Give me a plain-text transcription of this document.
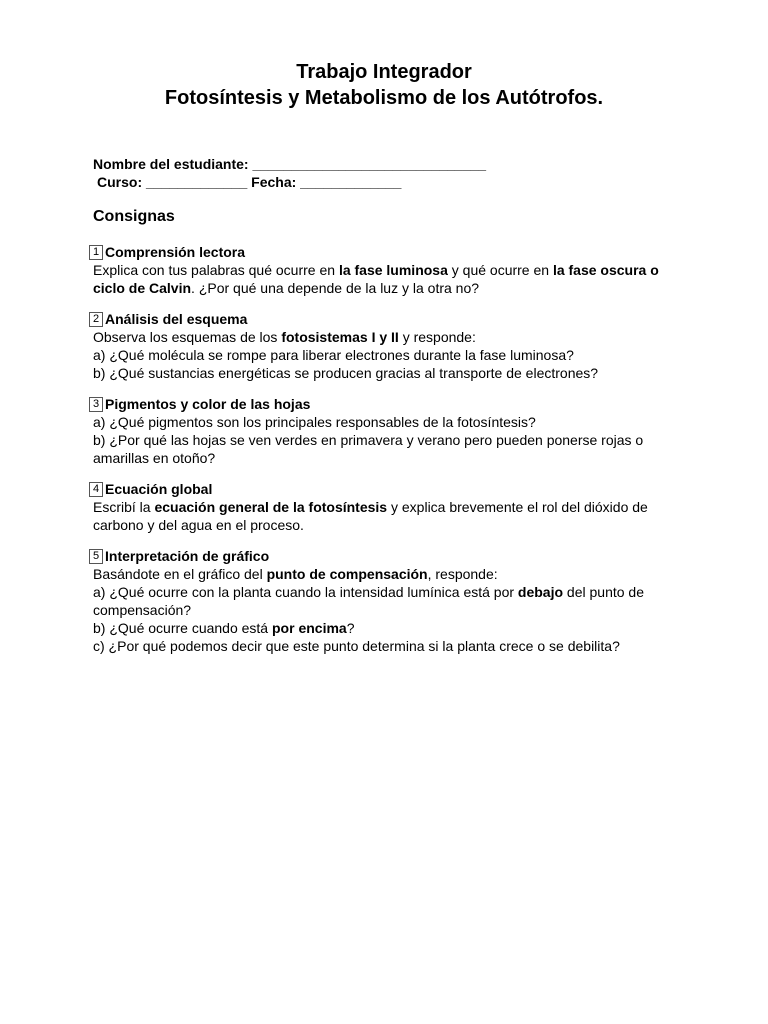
Trabajo Integrador

Fotosíntesis y Metabolismo de los Autótrofos.

Nombre del estudiante: ______________________________
Curso: _____________ Fecha: _____________
Consignas
1 Comprensión lectora
Explica con tus palabras qué ocurre en la fase luminosa y qué ocurre en la fase oscura o ciclo de Calvin. ¿Por qué una depende de la luz y la otra no?
2 Análisis del esquema
Observa los esquemas de los fotosistemas I y II y responde:
a) ¿Qué molécula se rompe para liberar electrones durante la fase luminosa?
b) ¿Qué sustancias energéticas se producen gracias al transporte de electrones?
3 Pigmentos y color de las hojas
a) ¿Qué pigmentos son los principales responsables de la fotosíntesis?
b) ¿Por qué las hojas se ven verdes en primavera y verano pero pueden ponerse rojas o amarillas en otoño?
4 Ecuación global
Escribí la ecuación general de la fotosíntesis y explica brevemente el rol del dióxido de carbono y del agua en el proceso.
5 Interpretación de gráfico
Basándote en el gráfico del punto de compensación, responde:
a) ¿Qué ocurre con la planta cuando la intensidad lumínica está por debajo del punto de compensación?
b) ¿Qué ocurre cuando está por encima?
c) ¿Por qué podemos decir que este punto determina si la planta crece o se debilita?
